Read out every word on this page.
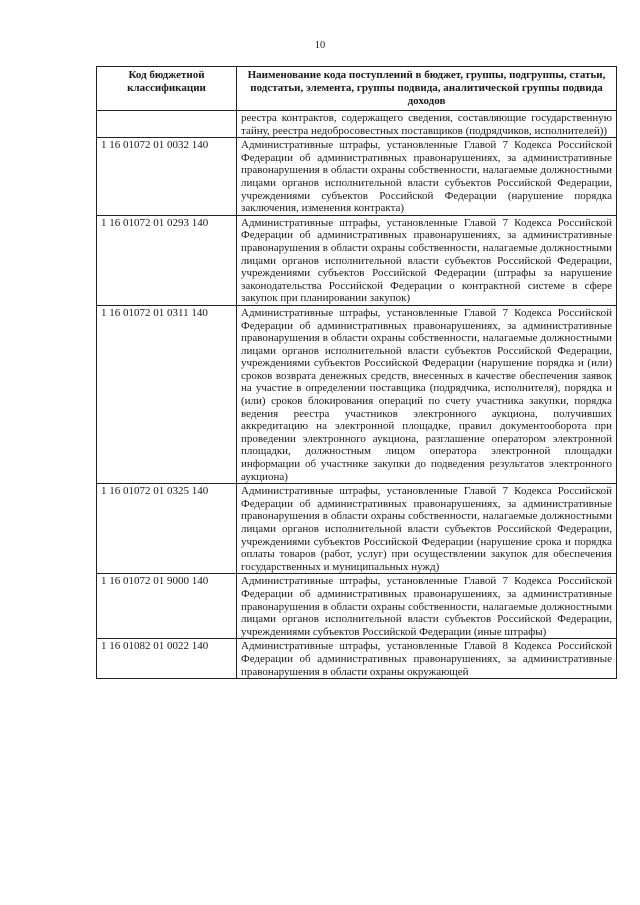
10
Код бюджетной классификации	Наименование кода поступлений в бюджет, группы, подгруппы, статьи, подстатьи, элемента, группы подвида, аналитической группы подвида доходов
	реестра контрактов, содержащего сведения, составляющие государственную тайну, реестра недобросовестных поставщиков (подрядчиков, исполнителей))
1 16 01072 01 0032 140	Административные штрафы, установленные Главой 7 Кодекса Российской Федерации об административных правонарушениях, за административные правонарушения в области охраны собственности, налагаемые должностными лицами органов исполнительной власти субъектов Российской Федерации, учреждениями субъектов Российской Федерации (нарушение порядка заключения, изменения контракта)
1 16 01072 01 0293 140	Административные штрафы, установленные Главой 7 Кодекса Российской Федерации об административных правонарушениях, за административные правонарушения в области охраны собственности, налагаемые должностными лицами органов исполнительной власти субъектов Российской Федерации, учреждениями субъектов Российской Федерации (штрафы за нарушение законодательства Российской Федерации о контрактной системе в сфере закупок при планировании закупок)
1 16 01072 01 0311 140	Административные штрафы, установленные Главой 7 Кодекса Российской Федерации об административных правонарушениях, за административные правонарушения в области охраны собственности, налагаемые должностными лицами органов исполнительной власти субъектов Российской Федерации, учреждениями субъектов Российской Федерации (нарушение порядка и (или) сроков возврата денежных средств, внесенных в качестве обеспечения заявок на участие в определении поставщика (подрядчика, исполнителя), порядка и (или) сроков блокирования операций по счету участника закупки, порядка ведения реестра участников электронного аукциона, получивших аккредитацию на электронной площадке, правил документооборота при проведении электронного аукциона, разглашение оператором электронной площадки, должностным лицом оператора электронной площадки информации об участнике закупки до подведения результатов электронного аукциона)
1 16 01072 01 0325 140	Административные штрафы, установленные Главой 7 Кодекса Российской Федерации об административных правонарушениях, за административные правонарушения в области охраны собственности, налагаемые должностными лицами органов исполнительной власти субъектов Российской Федерации, учреждениями субъектов Российской Федерации (нарушение срока и порядка оплаты товаров (работ, услуг) при осуществлении закупок для обеспечения государственных и муниципальных нужд)
1 16 01072 01 9000 140	Административные штрафы, установленные Главой 7 Кодекса Российской Федерации об административных правонарушениях, за административные правонарушения в области охраны собственности, налагаемые должностными лицами органов исполнительной власти субъектов Российской Федерации, учреждениями субъектов Российской Федерации (иные штрафы)
1 16 01082 01 0022 140	Административные штрафы, установленные Главой 8 Кодекса Российской Федерации об административных правонарушениях, за административные правонарушения в области охраны окружающей
